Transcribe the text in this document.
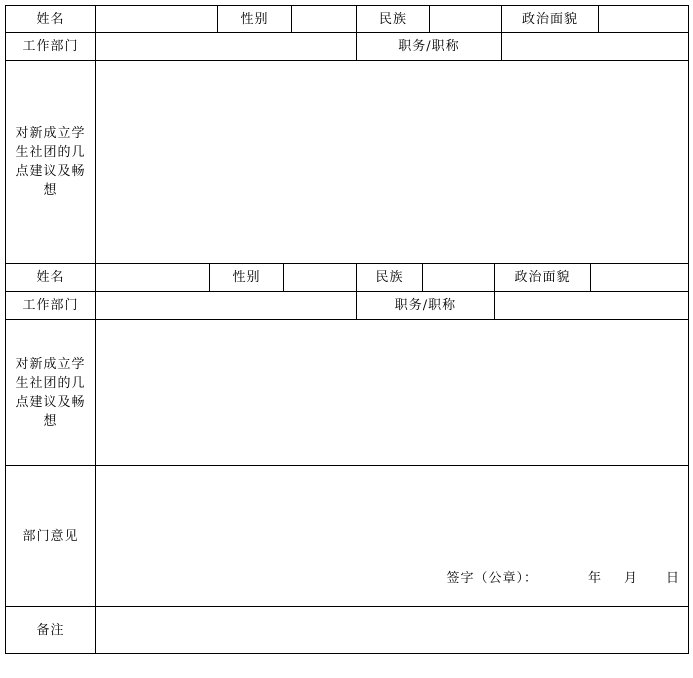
姓名		性别		民族		政治面貌	
工作部门				职务/职称			
对新成立学生社团的几点建议及畅想							
姓名		性别		民族		政治面貌	
工作部门				职务/职称			
对新成立学生社团的几点建议及畅想							
部门意见	签字（公章）： 年 月 日						

备注							
